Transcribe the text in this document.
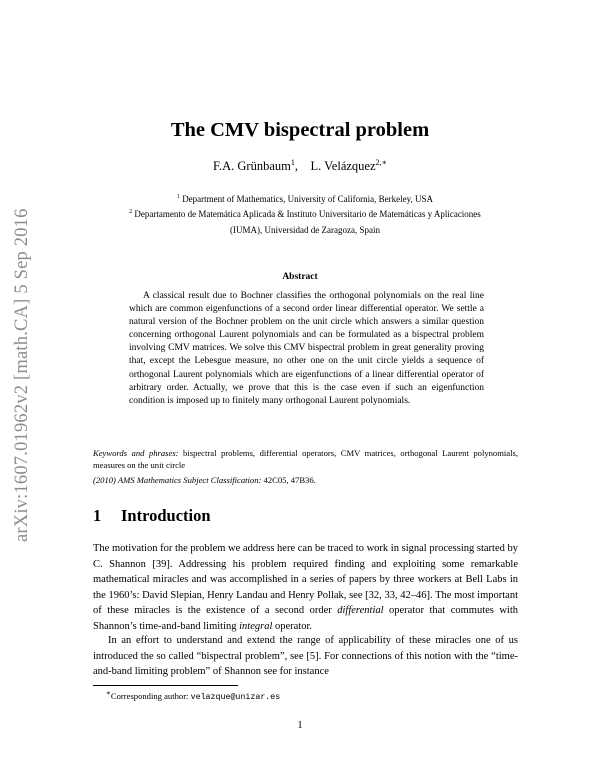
arXiv:1607.01962v2 [math.CA] 5 Sep 2016
The CMV bispectral problem
F.A. Grünbaum$^1$,    L. Velázquez$^{2,∗}$
$^1$ Department of Mathematics, University of California, Berkeley, USA
$^2$ Departamento de Matemática Aplicada & Instituto Universitario de Matemáticas y Aplicaciones
(IUMA), Universidad de Zaragoza, Spain
Abstract

A classical result due to Bochner classifies the orthogonal polynomials on the real line which are common eigenfunctions of a second order linear differential operator. We settle a natural version of the Bochner problem on the unit circle which answers a similar question concerning orthogonal Laurent polynomials and can be formulated as a bispectral problem involving CMV matrices. We solve this CMV bispectral problem in great generality proving that, except the Lebesgue measure, no other one on the unit circle yields a sequence of orthogonal Laurent polynomials which are eigenfunctions of a linear differential operator of arbitrary order. Actually, we prove that this is the case even if such an eigenfunction condition is imposed up to finitely many orthogonal Laurent polynomials.

Keywords and phrases: bispectral problems, differential operators, CMV matrices, orthogonal Laurent polynomials, measures on the unit circle
(2010) AMS Mathematics Subject Classification: 42C05, 47B36.
1 Introduction

The motivation for the problem we address here can be traced to work in signal processing started by C. Shannon [39]. Addressing his problem required finding and exploiting some remarkable mathematical miracles and was accomplished in a series of papers by three workers at Bell Labs in the 1960’s: David Slepian, Henry Landau and Henry Pollak, see [32, 33, 42–46]. The most important of these miracles is the existence of a second order differential operator that commutes with Shannon’s time-and-band limiting integral operator.

In an effort to understand and extend the range of applicability of these miracles one of us introduced the so called “bispectral problem”, see [5]. For connections of this notion with the “time-and-band limiting problem” of Shannon see for instance

∗Corresponding author: velazque@unizar.es
1
